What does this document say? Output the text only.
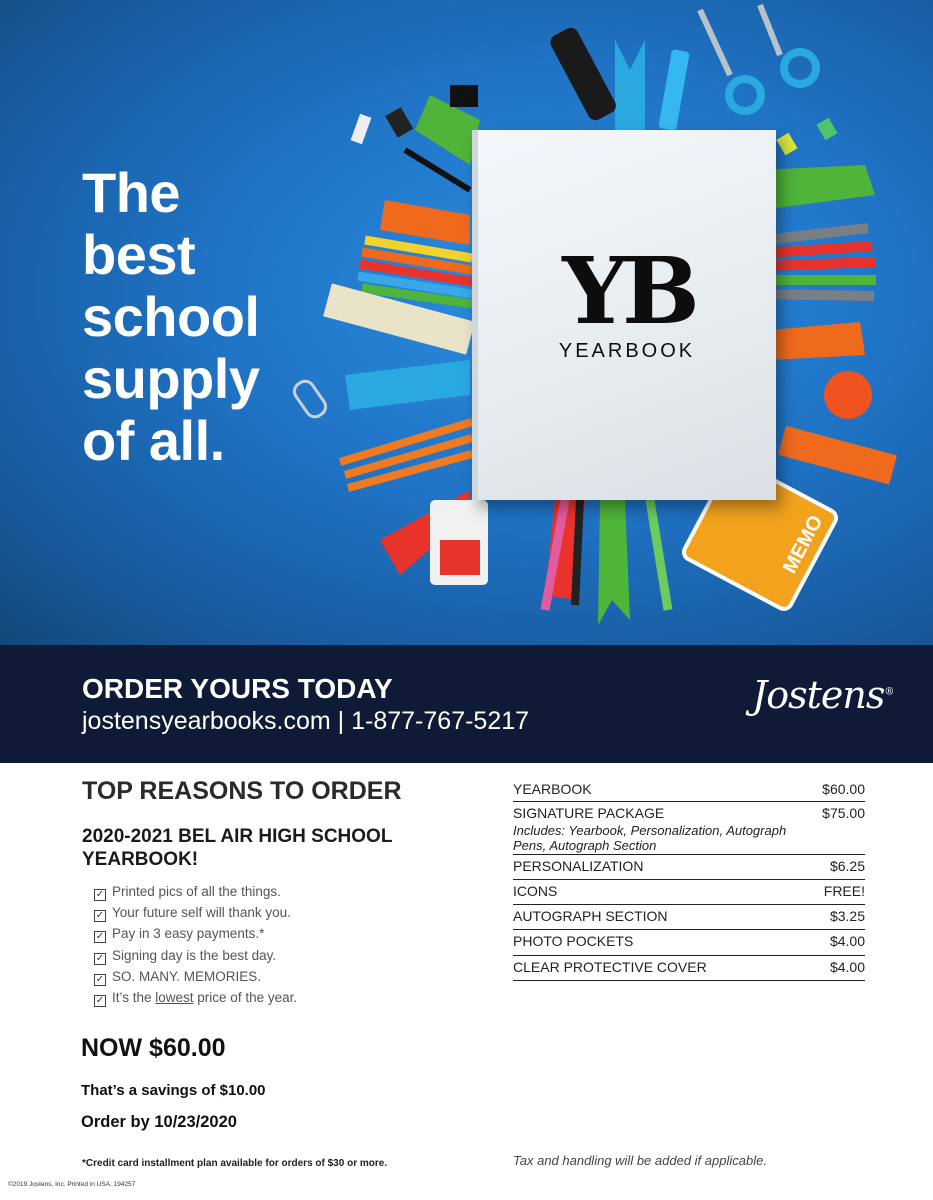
MEMO
The
best
school
supply
of all.
YB
YEARBOOK
ORDER YOURS TODAY
jostensyearbooks.com | 1-877-767-5217
Jostens®
TOP REASONS TO ORDER
2020-2021 BEL AIR HIGH SCHOOL YEARBOOK!
✓ Printed pics of all the things.
✓ Your future self will thank you.
✓ Pay in 3 easy payments.*
✓ Signing day is the best day.
✓ SO. MANY. MEMORIES.
✓ It’s the lowest price of the year.
NOW $60.00
That’s a savings of $10.00
Order by 10/23/2020
*Credit card installment plan available for orders of $30 or more.
©2019 Jostens, Inc. Printed in USA. 194257
YEARBOOK	$60.00
SIGNATURE PACKAGE	$75.00
Includes: Yearbook, Personalization, Autograph Pens, Autograph Section
PERSONALIZATION	$6.25
ICONS	FREE!
AUTOGRAPH SECTION	$3.25
PHOTO POCKETS	$4.00
CLEAR PROTECTIVE COVER	$4.00
Tax and handling will be added if applicable.
